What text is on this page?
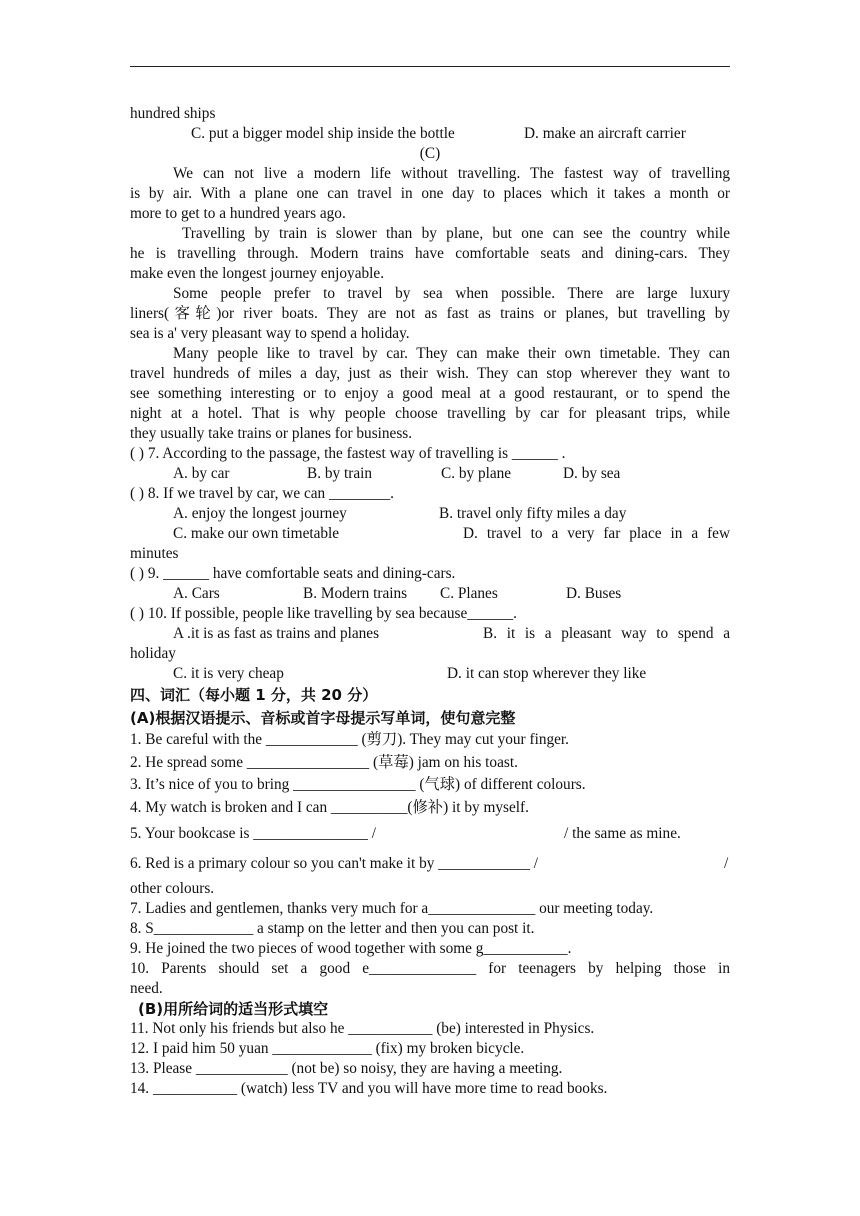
hundred ships
C. put a bigger model ship inside the bottle	D. make an aircraft carrier
(C)
We can not live a modern life without travelling. The fastest way of travelling
is by air. With a plane one can travel in one day to places which it takes a month or
more to get to a hundred years ago.
Travelling by train is slower than by plane, but one can see the country while
he is travelling through. Modern trains have comfortable seats and dining-cars. They
make even the longest journey enjoyable.
Some people prefer to travel by sea when possible. There are large luxury
liners(客轮)or river boats. They are not as fast as trains or planes, but travelling by
sea is a' very pleasant way to spend a holiday.
Many people like to travel by car. They can make their own timetable. They can
travel hundreds of miles a day, just as their wish. They can stop wherever they want to
see something interesting or to enjoy a good meal at a good restaurant, or to spend the
night at a hotel. That is why people choose travelling by car for pleasant trips, while
they usually take trains or planes for business.
( ) 7. According to the passage, the fastest way of travelling is ______ .
A. by car	B. by train	C. by plane	D. by sea
( ) 8. If we travel by car, we can ________.
A. enjoy the longest journey	B. travel only fifty miles a day
C. make our own timetable	D. travel to a very far place in a few
minutes
( ) 9. ______ have comfortable seats and dining-cars.
A. Cars	B. Modern trains C. Planes	D. Buses
( ) 10. If possible, people like travelling by sea because______.
A .it is as fast as trains and planes	B. it is a pleasant way to spend a
holiday
C. it is very cheap	D. it can stop wherever they like
四、词汇（每小题 1 分，共 20 分）
(A)根据汉语提示、音标或首字母提示写单词，使句意完整
1. Be careful with the ____________ (剪刀). They may cut your finger.
2. He spread some ________________ (草莓) jam on his toast.
3. It’s nice of you to bring ________________ (气球) of different colours.
4. My watch is broken and I can __________(修补) it by myself.
5. Your bookcase is _______________ /	/ the same as mine.
6. Red is a primary colour so you can't make it by ____________ /	/
other colours.
7. Ladies and gentlemen, thanks very much for a______________ our meeting today.
8. S_____________ a stamp on the letter and then you can post it.
9. He joined the two pieces of wood together with some g___________.
10. Parents should set a good e______________ for teenagers by helping those in
need.
(B)用所给词的适当形式填空
11. Not only his friends but also he ___________ (be) interested in Physics.
12. I paid him 50 yuan _____________ (fix) my broken bicycle.
13. Please ____________ (not be) so noisy, they are having a meeting.
14. ___________ (watch) less TV and you will have more time to read books.
